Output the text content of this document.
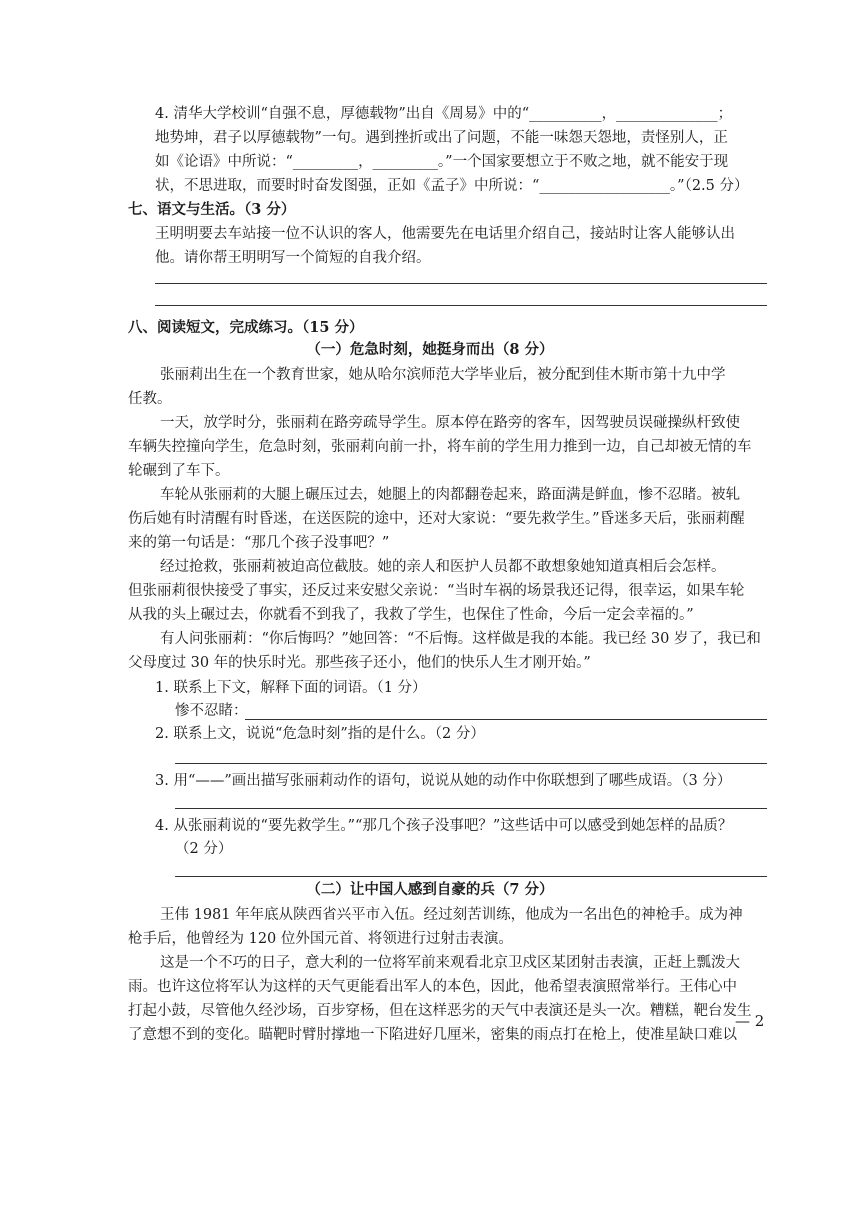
4. 清华大学校训“自强不息，厚德载物”出自《周易》中的“__________，______________；
地势坤，君子以厚德载物”一句。遇到挫折或出了问题，不能一味怨天怨地，责怪别人，正
如《论语》中所说：“_________，_________。”一个国家要想立于不败之地，就不能安于现
状，不思进取，而要时时奋发图强，正如《孟子》中所说：“__________________。”（2.5 分）
七、语文与生活。（3 分）
王明明要去车站接一位不认识的客人，他需要先在电话里介绍自己，接站时让客人能够认出
他。请你帮王明明写一个简短的自我介绍。
八、阅读短文，完成练习。（15 分）
（一）危急时刻，她挺身而出（8 分）
张丽莉出生在一个教育世家，她从哈尔滨师范大学毕业后，被分配到佳木斯市第十九中学
任教。
一天，放学时分，张丽莉在路旁疏导学生。原本停在路旁的客车，因驾驶员误碰操纵杆致使
车辆失控撞向学生，危急时刻，张丽莉向前一扑，将车前的学生用力推到一边，自己却被无情的车
轮碾到了车下。
车轮从张丽莉的大腿上碾压过去，她腿上的肉都翻卷起来，路面满是鲜血，惨不忍睹。被轧
伤后她有时清醒有时昏迷，在送医院的途中，还对大家说：“要先救学生。”昏迷多天后，张丽莉醒
来的第一句话是：“那几个孩子没事吧？”
经过抢救，张丽莉被迫高位截肢。她的亲人和医护人员都不敢想象她知道真相后会怎样。
但张丽莉很快接受了事实，还反过来安慰父亲说：“当时车祸的场景我还记得，很幸运，如果车轮
从我的头上碾过去，你就看不到我了，我救了学生，也保住了性命，今后一定会幸福的。”
有人问张丽莉：“你后悔吗？”她回答：“不后悔。这样做是我的本能。我已经 30 岁了，我已和
父母度过 30 年的快乐时光。那些孩子还小，他们的快乐人生才刚开始。”
1. 联系上下文，解释下面的词语。（1 分）
惨不忍睹：
2. 联系上文，说说“危急时刻”指的是什么。（2 分）
3. 用“——”画出描写张丽莉动作的语句，说说从她的动作中你联想到了哪些成语。（3 分）
4. 从张丽莉说的“要先救学生。”“那几个孩子没事吧？”这些话中可以感受到她怎样的品质？
（2 分）
（二）让中国人感到自豪的兵（7 分）
王伟 1981 年年底从陕西省兴平市入伍。经过刻苦训练，他成为一名出色的神枪手。成为神
枪手后，他曾经为 120 位外国元首、将领进行过射击表演。
这是一个不巧的日子，意大利的一位将军前来观看北京卫戍区某团射击表演，正赶上瓢泼大
雨。也许这位将军认为这样的天气更能看出军人的本色，因此，他希望表演照常举行。王伟心中
打起小鼓，尽管他久经沙场，百步穿杨，但在这样恶劣的天气中表演还是头一次。糟糕，靶台发生
了意想不到的变化。瞄靶时臂肘撑地一下陷进好几厘米，密集的雨点打在枪上，使准星缺口难以
— 2
